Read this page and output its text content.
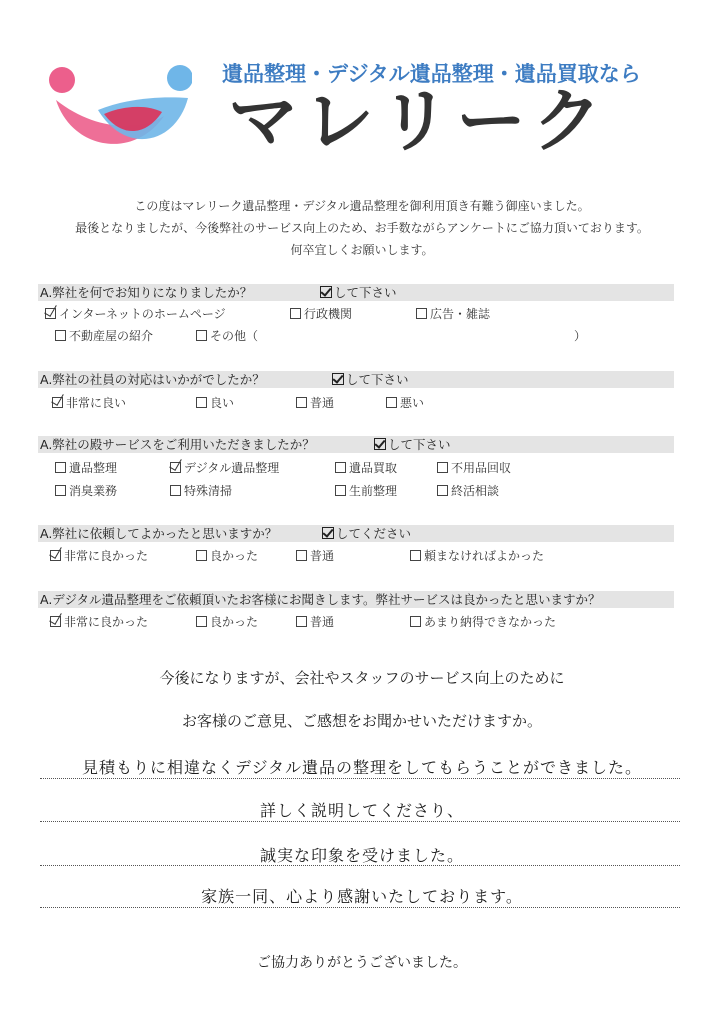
遺品整理・デジタル遺品整理・遺品買取なら
マレリーク
この度はマレリーク遺品整理・デジタル遺品整理を御利用頂き有難う御座いました。
最後となりましたが、今後弊社のサービス向上のため、お手数ながらアンケートにご協力頂いております。
何卒宜しくお願いします。
A.弊社を何でお知りになりましたか？	して下さい
インターネットのホームページ	行政機関	広告・雑誌
不動産屋の紹介	その他（	）
A.弊社の社員の対応はいかがでしたか？	して下さい
非常に良い	良い	普通	悪い
A.弊社の殿サービスをご利用いただきましたか？	して下さい
遺品整理	デジタル遺品整理	遺品買取	不用品回収
消臭業務	特殊清掃	生前整理	終活相談
A.弊社に依頼してよかったと思いますか？	してください
非常に良かった	良かった	普通	頼まなければよかった
A.デジタル遺品整理をご依頼頂いたお客様にお聞きします。弊社サービスは良かったと思いますか？
非常に良かった	良かった	普通	あまり納得できなかった
今後になりますが、会社やスタッフのサービス向上のために
お客様のご意見、ご感想をお聞かせいただけますか。
見積もりに相違なくデジタル遺品の整理をしてもらうことができました。
詳しく説明してくださり、
誠実な印象を受けました。
家族一同、心より感謝いたしております。
ご協力ありがとうございました。
